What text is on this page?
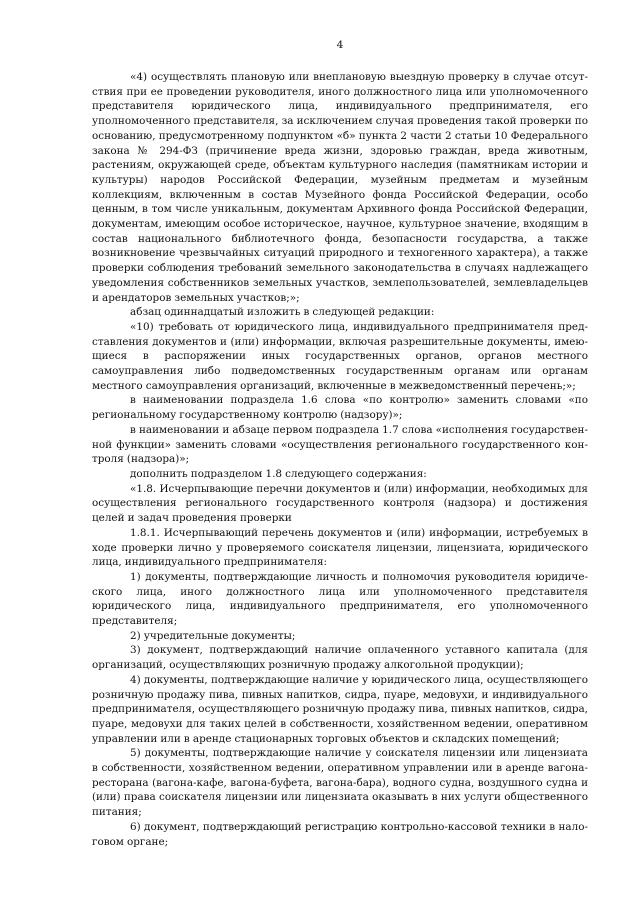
4

«4) осуществлять плановую или внеплановую выездную проверку в случае отсутствия при ее проведении руководителя, иного должностного лица или уполномоченного представителя юридического лица, индивидуального предпринимателя, его уполномоченного представителя, за исключением случая проведения такой проверки по основанию, предусмотренному подпунктом «б» пункта 2 части 2 статьи 10 Федерального закона № 294-ФЗ (причинение вреда жизни, здоровью граждан, вреда животным, растениям, окружающей среде, объектам культурного наследия (памятникам истории и культуры) народов Российской Федерации, музейным предметам и музейным коллекциям, включенным в состав Музейного фонда Российской Федерации, особо ценным, в том числе уникальным, документам Архивного фонда Российской Федерации, документам, имеющим особое историческое, научное, культурное значение, входящим в состав национального библиотечного фонда, безопасности государства, а также возникновение чрезвычайных ситуаций природного и техногенного характера), а также проверки соблюдения требований земельного законодательства в случаях надлежащего уведомления собственников земельных участков, землепользователей, землевладельцев и арендаторов земельных участков;»;

абзац одиннадцатый изложить в следующей редакции:

«10) требовать от юридического лица, индивидуального предпринимателя представления документов и (или) информации, включая разрешительные документы, имеющиеся в распоряжении иных государственных органов, органов местного самоуправления либо подведомственных государственным органам или органам местного самоуправления организаций, включенные в межведомственный перечень;»;

в наименовании подраздела 1.6 слова «по контролю» заменить словами «по региональному государственному контролю (надзору)»;

в наименовании и абзаце первом подраздела 1.7 слова «исполнения государственной функции» заменить словами «осуществления регионального государственного контроля (надзора)»;

дополнить подразделом 1.8 следующего содержания:

«1.8. Исчерпывающие перечни документов и (или) информации, необходимых для осуществления регионального государственного контроля (надзора) и достижения целей и задач проведения проверки

1.8.1. Исчерпывающий перечень документов и (или) информации, истребуемых в ходе проверки лично у проверяемого соискателя лицензии, лицензиата, юридического лица, индивидуального предпринимателя:

1) документы, подтверждающие личность и полномочия руководителя юридического лица, иного должностного лица или уполномоченного представителя юридического лица, индивидуального предпринимателя, его уполномоченного представителя;

2) учредительные документы;

3) документ, подтверждающий наличие оплаченного уставного капитала (для организаций, осуществляющих розничную продажу алкогольной продукции);

4) документы, подтверждающие наличие у юридического лица, осуществляющего розничную продажу пива, пивных напитков, сидра, пуаре, медовухи, и индивидуального предпринимателя, осуществляющего розничную продажу пива, пивных напитков, сидра, пуаре, медовухи для таких целей в собственности, хозяйственном ведении, оперативном управлении или в аренде стационарных торговых объектов и складских помещений;

5) документы, подтверждающие наличие у соискателя лицензии или лицензиата в собственности, хозяйственном ведении, оперативном управлении или в аренде вагона-ресторана (вагона-кафе, вагона-буфета, вагона-бара), водного судна, воздушного судна и (или) права соискателя лицензии или лицензиата оказывать в них услуги общественного питания;

6) документ, подтверждающий регистрацию контрольно-кассовой техники в налоговом органе;
